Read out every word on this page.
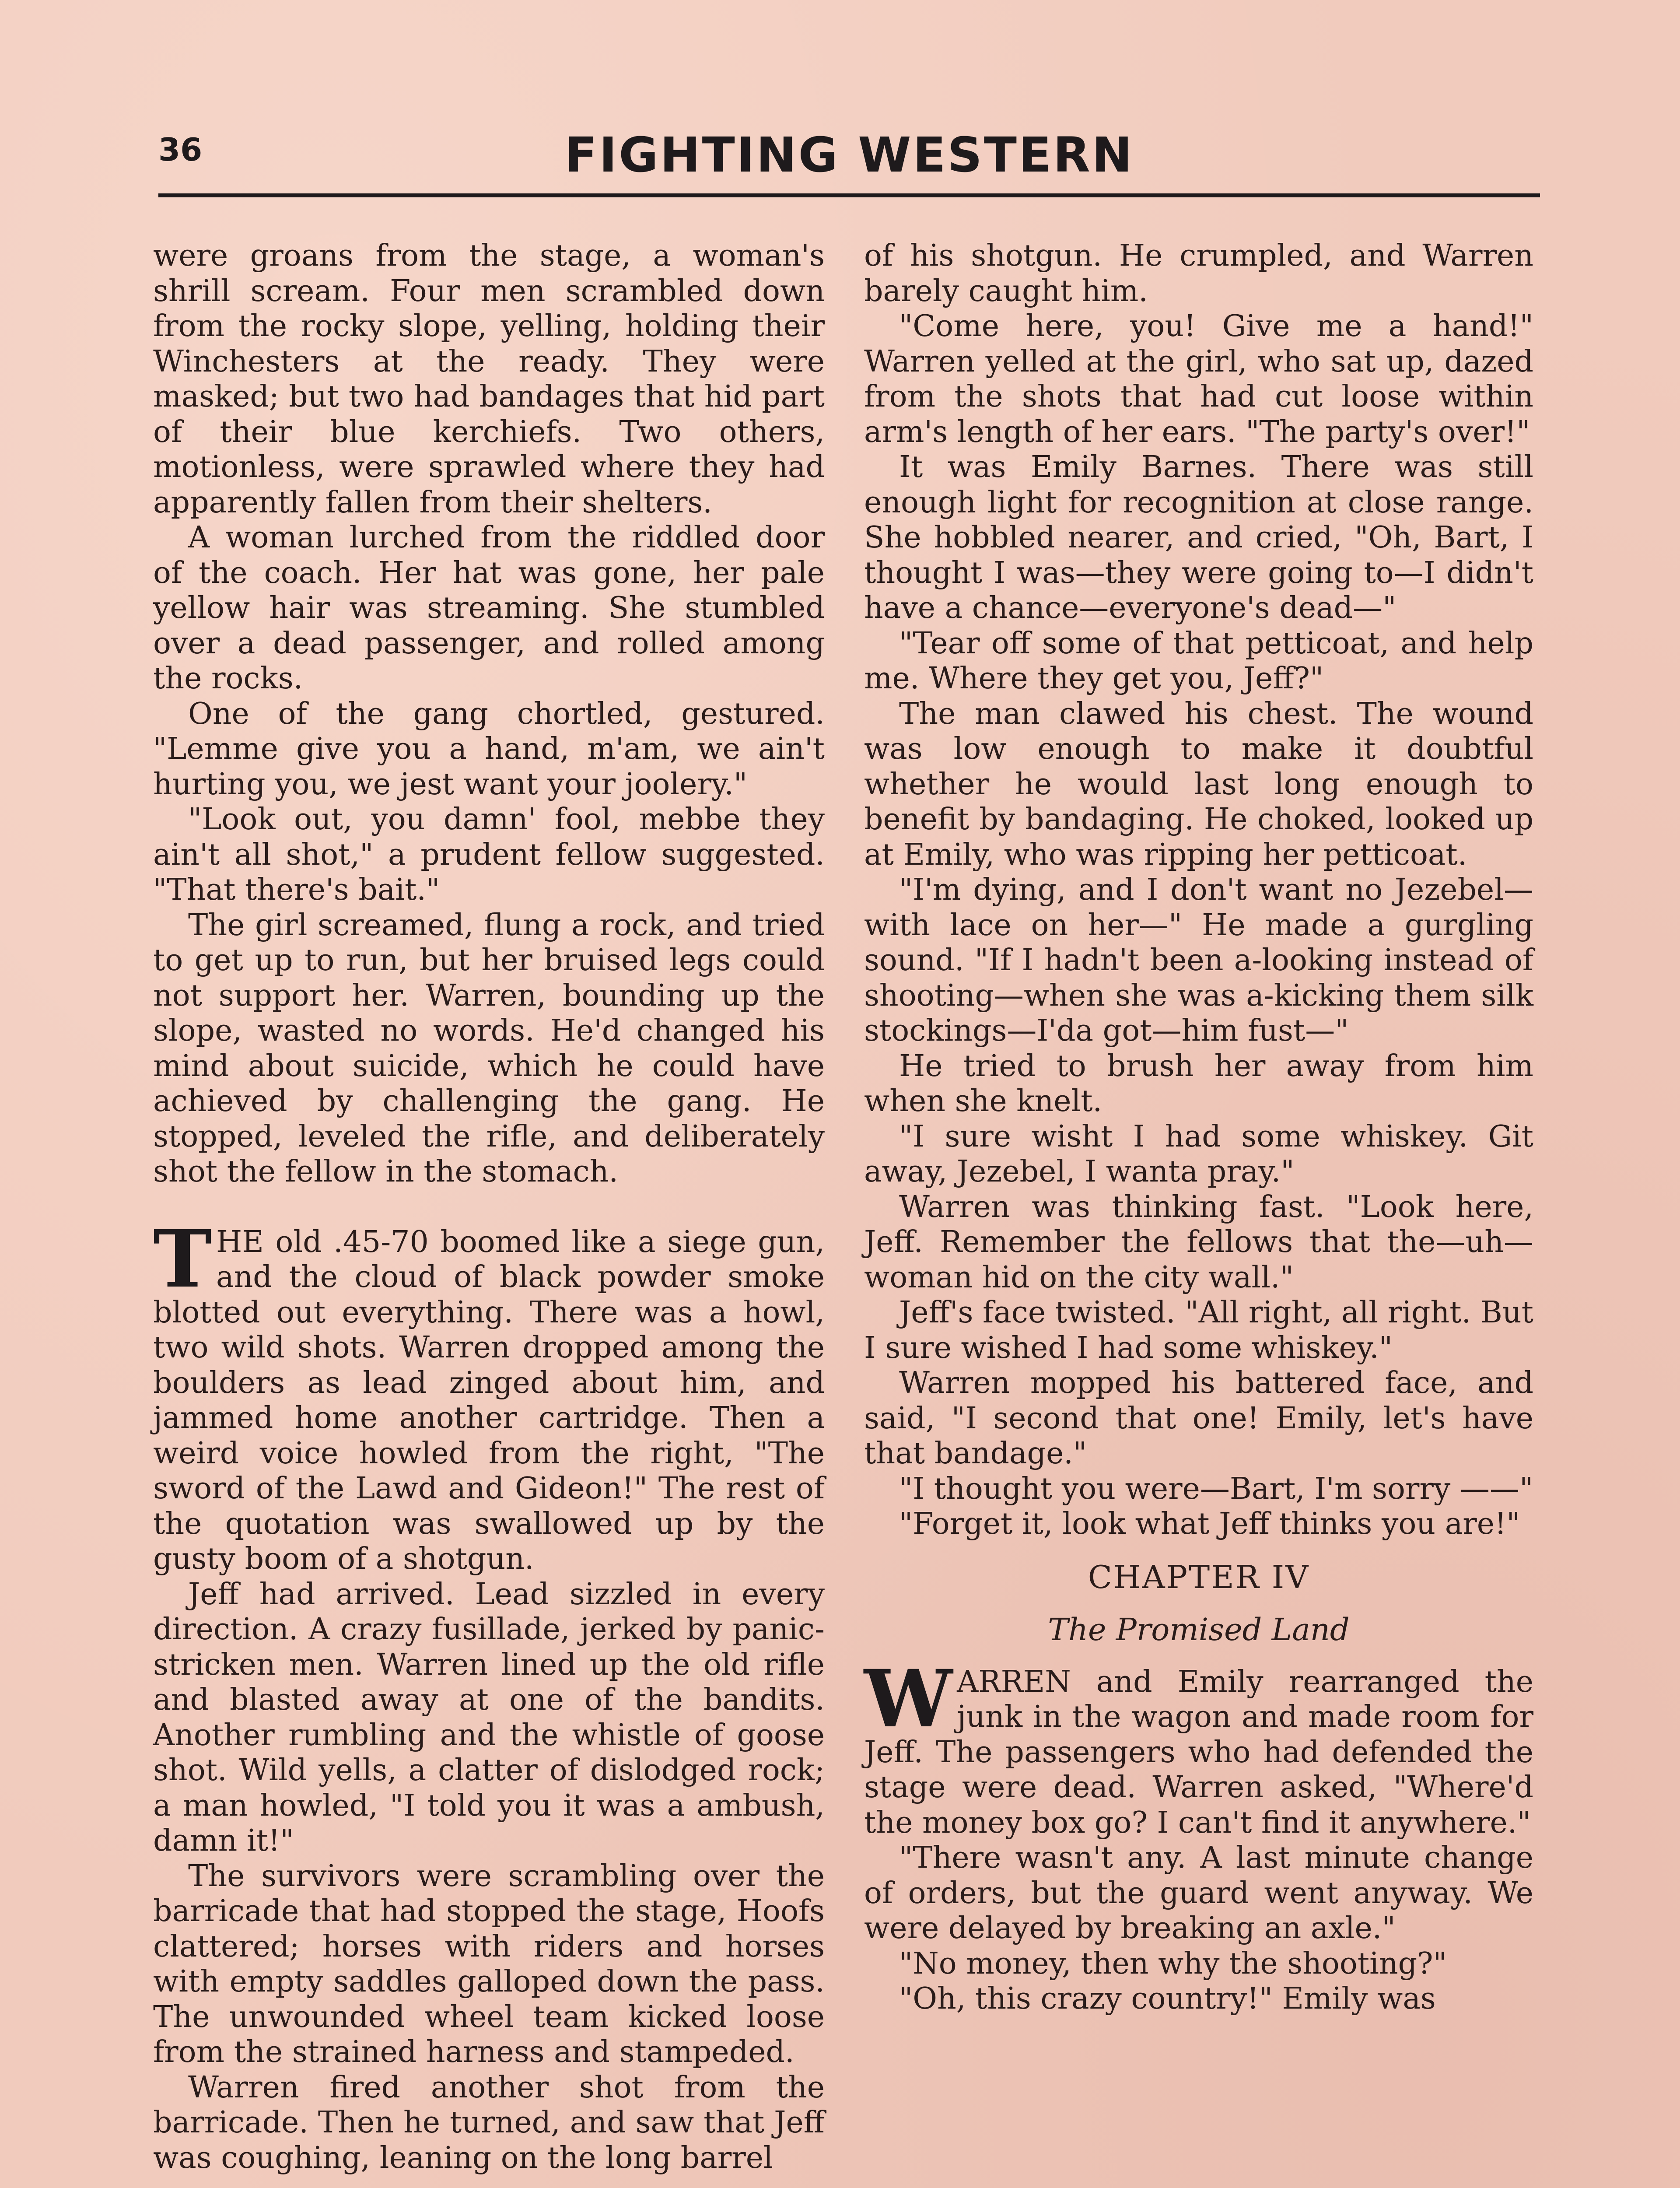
36	FIGHTING WESTERN

were groans from the stage, a woman's shrill scream. Four men scrambled down from the rocky slope, yelling, holding their Winchesters at the ready. They were masked; but two had bandages that hid part of their blue kerchiefs. Two others, motionless, were sprawled where they had apparently fallen from their shelters.

A woman lurched from the riddled door of the coach. Her hat was gone, her pale yellow hair was streaming. She stumbled over a dead passenger, and rolled among the rocks.

One of the gang chortled, gestured. "Lemme give you a hand, m'am, we ain't hurting you, we jest want your joolery."

"Look out, you damn' fool, mebbe they ain't all shot," a prudent fellow suggested. "That there's bait."

The girl screamed, flung a rock, and tried to get up to run, but her bruised legs could not support her. Warren, bounding up the slope, wasted no words. He'd changed his mind about suicide, which he could have achieved by challenging the gang. He stopped, leveled the rifle, and deliberately shot the fellow in the stomach.

THE old .45-70 boomed like a siege gun, and the cloud of black powder smoke blotted out everything. There was a howl, two wild shots. Warren dropped among the boulders as lead zinged about him, and jammed home another cartridge. Then a weird voice howled from the right, "The sword of the Lawd and Gideon!" The rest of the quotation was swallowed up by the gusty boom of a shotgun.

Jeff had arrived. Lead sizzled in every direction. A crazy fusillade, jerked by panic-stricken men. Warren lined up the old rifle and blasted away at one of the bandits. Another rumbling and the whistle of goose shot. Wild yells, a clatter of dislodged rock; a man howled, "I told you it was a ambush, damn it!"

The survivors were scrambling over the barricade that had stopped the stage, Hoofs clattered; horses with riders and horses with empty saddles galloped down the pass. The unwounded wheel team kicked loose from the strained harness and stampeded.

Warren fired another shot from the barricade. Then he turned, and saw that Jeff was coughing, leaning on the long barrel

of his shotgun. He crumpled, and Warren barely caught him.

"Come here, you! Give me a hand!" Warren yelled at the girl, who sat up, dazed from the shots that had cut loose within arm's length of her ears. "The party's over!"

It was Emily Barnes. There was still enough light for recognition at close range. She hobbled nearer, and cried, "Oh, Bart, I thought I was—they were going to—I didn't have a chance—everyone's dead—"

"Tear off some of that petticoat, and help me. Where they get you, Jeff?"

The man clawed his chest. The wound was low enough to make it doubtful whether he would last long enough to benefit by bandaging. He choked, looked up at Emily, who was ripping her petticoat.

"I'm dying, and I don't want no Jezebel—with lace on her—" He made a gurgling sound. "If I hadn't been a-looking instead of shooting—when she was a-kicking them silk stockings—I'da got—him fust—"

He tried to brush her away from him when she knelt.

"I sure wisht I had some whiskey. Git away, Jezebel, I wanta pray."

Warren was thinking fast. "Look here, Jeff. Remember the fellows that the—uh—woman hid on the city wall."

Jeff's face twisted. "All right, all right. But I sure wished I had some whiskey."

Warren mopped his battered face, and said, "I second that one! Emily, let's have that bandage."

"I thought you were—Bart, I'm sorry ——"

"Forget it, look what Jeff thinks you are!"

CHAPTER IV
The Promised Land

WARREN and Emily rearranged the junk in the wagon and made room for Jeff. The passengers who had defended the stage were dead. Warren asked, "Where'd the money box go? I can't find it anywhere."

"There wasn't any. A last minute change of orders, but the guard went anyway. We were delayed by breaking an axle."

"No money, then why the shooting?"

"Oh, this crazy country!" Emily was
